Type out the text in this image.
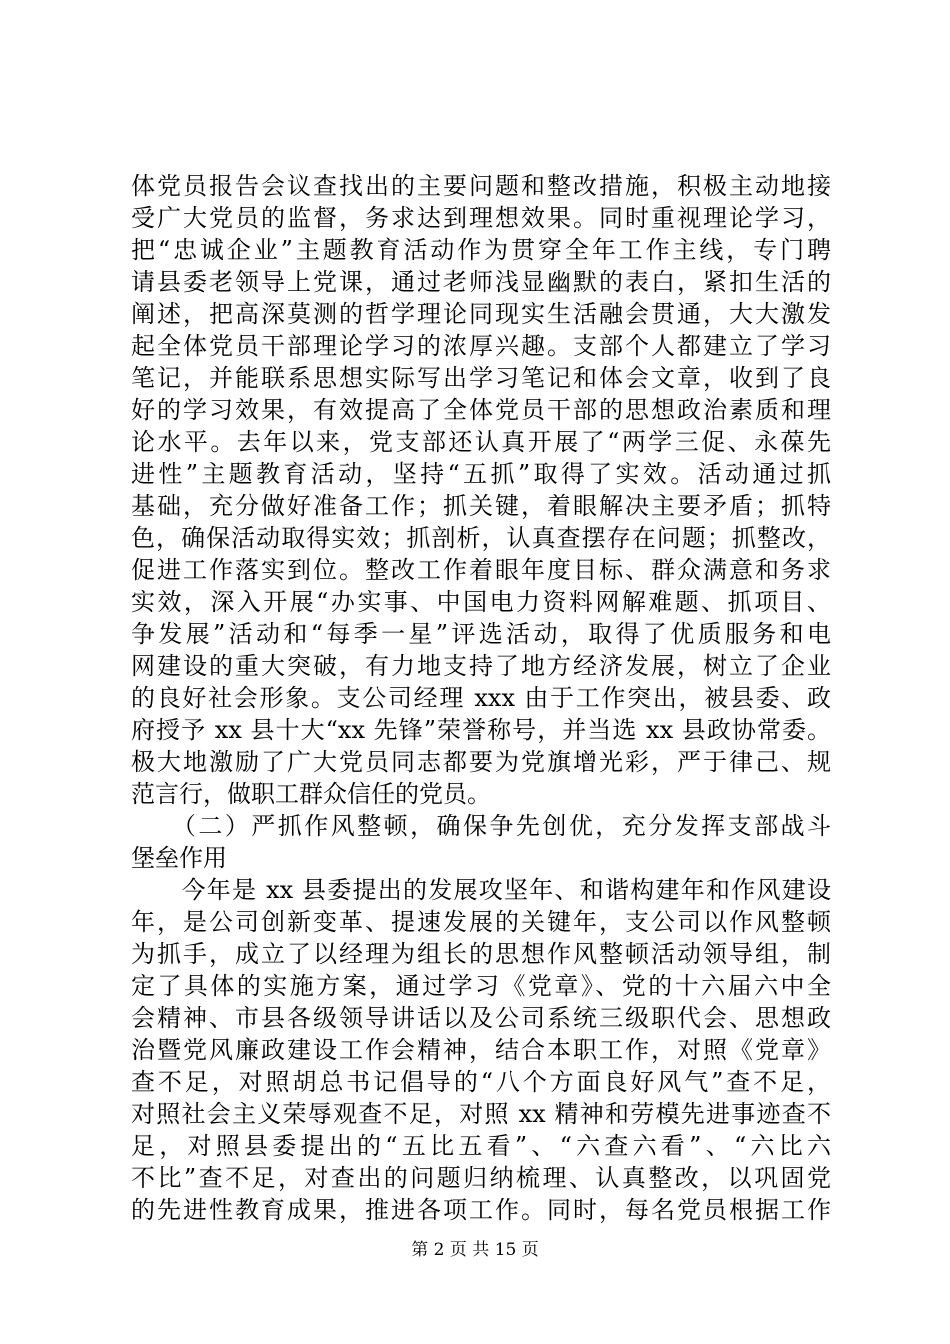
体党员报告会议查找出的主要问题和整改措施，积极主动地接
受广大党员的监督，务求达到理想效果。同时重视理论学习，
把“忠诚企业”主题教育活动作为贯穿全年工作主线，专门聘
请县委老领导上党课，通过老师浅显幽默的表白，紧扣生活的
阐述，把高深莫测的哲学理论同现实生活融会贯通，大大激发
起全体党员干部理论学习的浓厚兴趣。支部个人都建立了学习
笔记，并能联系思想实际写出学习笔记和体会文章，收到了良
好的学习效果，有效提高了全体党员干部的思想政治素质和理
论水平。去年以来，党支部还认真开展了“两学三促、永葆先
进性”主题教育活动，坚持“五抓”取得了实效。活动通过抓
基础，充分做好准备工作；抓关键，着眼解决主要矛盾；抓特
色，确保活动取得实效；抓剖析，认真查摆存在问题；抓整改，
促进工作落实到位。整改工作着眼年度目标、群众满意和务求
实效，深入开展“办实事、中国电力资料网解难题、抓项目、
争发展”活动和“每季一星”评选活动，取得了优质服务和电
网建设的重大突破，有力地支持了地方经济发展，树立了企业
的良好社会形象。支公司经理 xxx 由于工作突出，被县委、政
府授予 xx 县十大“xx 先锋”荣誉称号，并当选 xx 县政协常委。
极大地激励了广大党员同志都要为党旗增光彩，严于律己、规
范言行，做职工群众信任的党员。
　　（二）严抓作风整顿，确保争先创优，充分发挥支部战斗
堡垒作用
　　今年是 xx 县委提出的发展攻坚年、和谐构建年和作风建设
年，是公司创新变革、提速发展的关键年，支公司以作风整顿
为抓手，成立了以经理为组长的思想作风整顿活动领导组，制
定了具体的实施方案，通过学习《党章》、党的十六届六中全
会精神、市县各级领导讲话以及公司系统三级职代会、思想政
治暨党风廉政建设工作会精神，结合本职工作，对照《党章》
查不足，对照胡总书记倡导的“八个方面良好风气”查不足，
对照社会主义荣辱观查不足，对照 xx 精神和劳模先进事迹查不
足，对照县委提出的“五比五看”、“六查六看”、“六比六
不比”查不足，对查出的问题归纳梳理、认真整改，以巩固党
的先进性教育成果，推进各项工作。同时，每名党员根据工作
第 2 页 共 15 页
